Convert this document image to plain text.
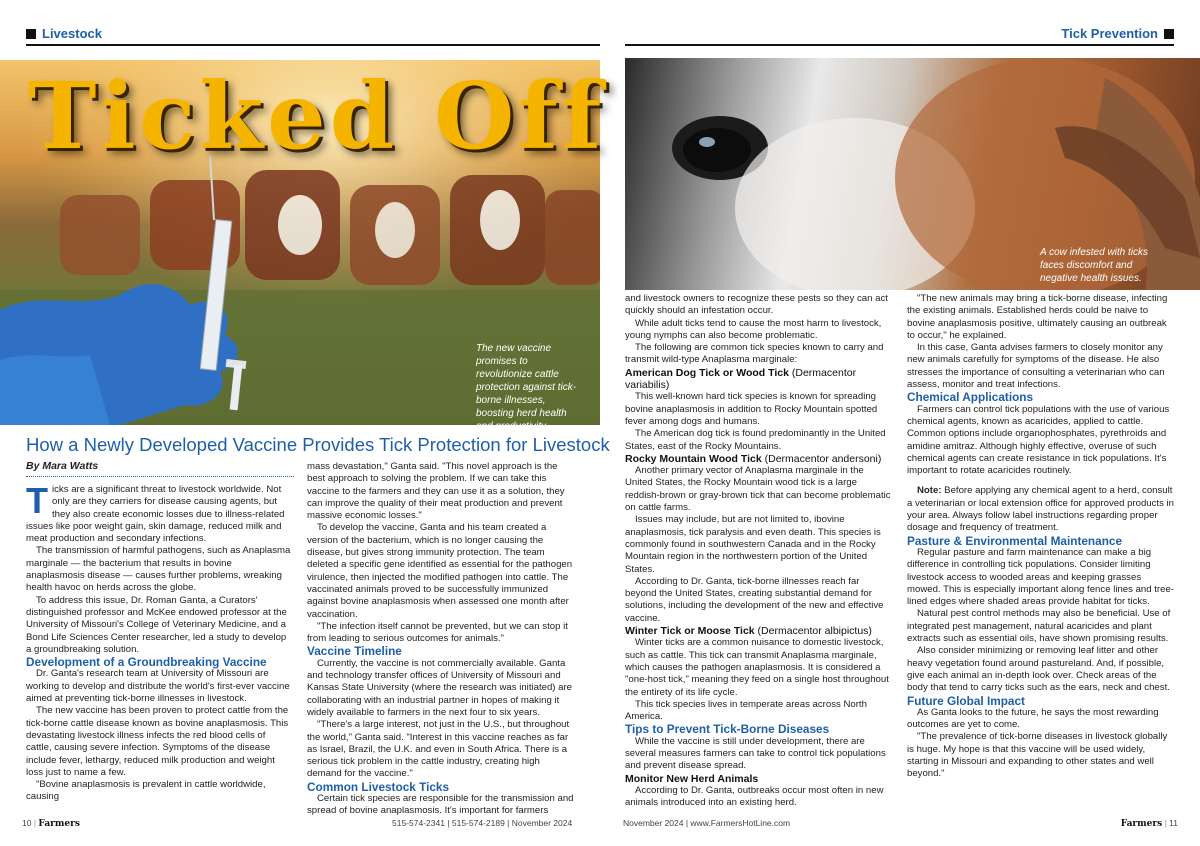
Livestock	Tick Prevention
Ticked Off
The new vaccine promises to revolutionize cattle protection against tick-borne illnesses, boosting herd health and productivity.
A cow infested with ticks faces discomfort and negative health issues.
How a Newly Developed Vaccine Provides Tick Protection for Livestock
By Mara Watts

Ticks are a significant threat to livestock worldwide. Not only are they carriers for disease causing agents, but they also create economic losses due to illness-related issues like poor weight gain, skin damage, reduced milk and meat production and secondary infections.

The transmission of harmful pathogens, such as Anaplasma marginale — the bacterium that results in bovine anaplasmosis disease — causes further problems, wreaking health havoc on herds across the globe.

To address this issue, Dr. Roman Ganta, a Curators' distinguished professor and McKee endowed professor at the University of Missouri's College of Veterinary Medicine, and a Bond Life Sciences Center researcher, led a study to develop a groundbreaking solution.

Development of a Groundbreaking Vaccine

Dr. Ganta's research team at University of Missouri are working to develop and distribute the world's first-ever vaccine aimed at preventing tick-borne illnesses in livestock.

The new vaccine has been proven to protect cattle from the tick-borne cattle disease known as bovine anaplasmosis. This devastating livestock illness infects the red blood cells of cattle, causing severe infection. Symptoms of the disease include fever, lethargy, reduced milk production and weight loss just to name a few.

"Bovine anaplasmosis is prevalent in cattle worldwide, causing

mass devastation," Ganta said. "This novel approach is the best approach to solving the problem. If we can take this vaccine to the farmers and they can use it as a solution, they can improve the quality of their meat production and prevent massive economic losses."

To develop the vaccine, Ganta and his team created a version of the bacterium, which is no longer causing the disease, but gives strong immunity protection. The team deleted a specific gene identified as essential for the pathogen virulence, then injected the modified pathogen into cattle. The vaccinated animals proved to be successfully immunized against bovine anaplasmosis when assessed one month after vaccination.

"The infection itself cannot be prevented, but we can stop it from leading to serious outcomes for animals."

Vaccine Timeline

Currently, the vaccine is not commercially available. Ganta and technology transfer offices of University of Missouri and Kansas State University (where the research was initiated) are collaborating with an industrial partner in hopes of making it widely available to farmers in the next four to six years.

"There's a large interest, not just in the U.S., but throughout the world," Ganta said. "Interest in this vaccine reaches as far as Israel, Brazil, the U.K. and even in South Africa. There is a serious tick problem in the cattle industry, creating high demand for the vaccine."

Common Livestock Ticks

Certain tick species are responsible for the transmission and spread of bovine anaplasmosis. It's important for farmers

and livestock owners to recognize these pests so they can act quickly should an infestation occur.

While adult ticks tend to cause the most harm to livestock, young nymphs can also become problematic.

The following are common tick species known to carry and transmit wild-type Anaplasma marginale:

American Dog Tick or Wood Tick (Dermacentor variabilis)

This well-known hard tick species is known for spreading bovine anaplasmosis in addition to Rocky Mountain spotted fever among dogs and humans.

The American dog tick is found predominantly in the United States, east of the Rocky Mountains.

Rocky Mountain Wood Tick (Dermacentor andersoni)

Another primary vector of Anaplasma marginale in the United States, the Rocky Mountain wood tick is a large reddish-brown or gray-brown tick that can become problematic on cattle farms.

Issues may include, but are not limited to, ibovine anaplasmosis, tick paralysis and even death. This species is commonly found in southwestern Canada and in the Rocky Mountain region in the northwestern portion of the United States.

According to Dr. Ganta, tick-borne illnesses reach far beyond the United States, creating substantial demand for solutions, including the development of the new and effective vaccine.

Winter Tick or Moose Tick (Dermacentor albipictus)

Winter ticks are a common nuisance to domestic livestock, such as cattle. This tick can transmit Anaplasma marginale, which causes the pathogen anaplasmosis. It is considered a "one-host tick," meaning they feed on a single host throughout the entirety of its life cycle.

This tick species lives in temperate areas across North America.

Tips to Prevent Tick-Borne Diseases

While the vaccine is still under development, there are several measures farmers can take to control tick populations and prevent disease spread.

Monitor New Herd Animals

According to Dr. Ganta, outbreaks occur most often in new animals introduced into an existing herd.

"The new animals may bring a tick-borne disease, infecting the existing animals. Established herds could be naive to bovine anaplasmosis positive, ultimately causing an outbreak to occur," he explained.

In this case, Ganta advises farmers to closely monitor any new animals carefully for symptoms of the disease. He also stresses the importance of consulting a veterinarian who can assess, monitor and treat infections.

Chemical Applications

Farmers can control tick populations with the use of various chemical agents, known as acaricides, applied to cattle. Common options include organophosphates, pyrethroids and amidine amitraz. Although highly effective, overuse of such chemical agents can create resistance in tick populations. It's important to rotate acaricides routinely.

Note: Before applying any chemical agent to a herd, consult a veterinarian or local extension office for approved products in your area. Always follow label instructions regarding proper dosage and frequency of treatment.

Pasture & Environmental Maintenance

Regular pasture and farm maintenance can make a big difference in controlling tick populations. Consider limiting livestock access to wooded areas and keeping grasses mowed. This is especially important along fence lines and tree-lined edges where shaded areas provide habitat for ticks.

Natural pest control methods may also be beneficial. Use of integrated pest management, natural acaricides and plant extracts such as essential oils, have shown promising results.

Also consider minimizing or removing leaf litter and other heavy vegetation found around pastureland. And, if possible, give each animal an in-depth look over. Check areas of the body that tend to carry ticks such as the ears, neck and chest.

Future Global Impact

As Ganta looks to the future, he says the most rewarding outcomes are yet to come.

"The prevalence of tick-borne diseases in livestock globally is huge. My hope is that this vaccine will be used widely, starting in Missouri and expanding to other states and well beyond."

10 | Farmers	515-574-2341 | 515-574-2189 | November 2024	November 2024 | www.FarmersHotLine.com	Farmers | 11
